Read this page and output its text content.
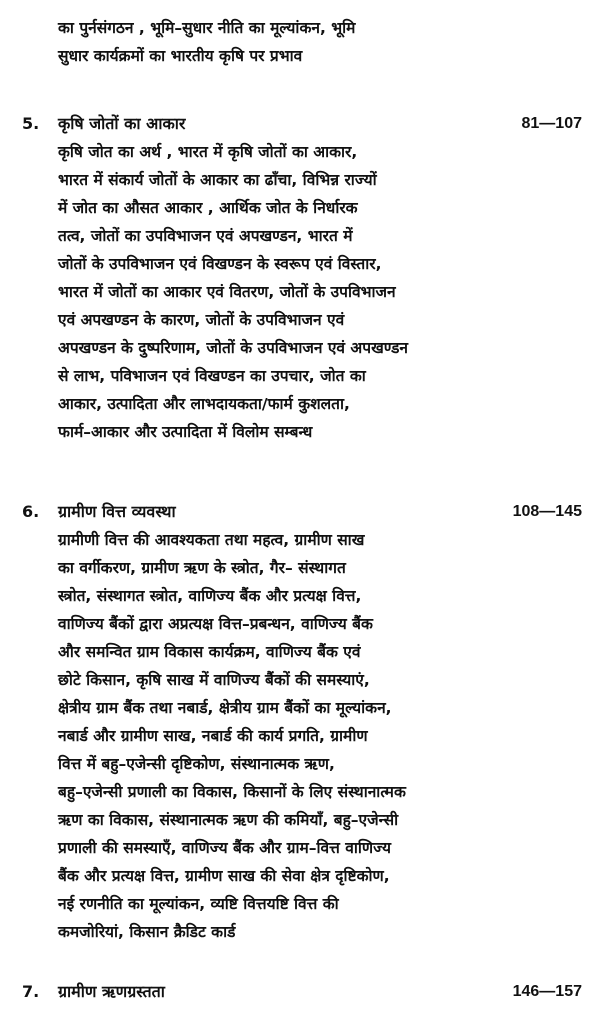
का पुर्नसंगठन , भूमि–सुधार नीति का मूल्यांकन, भूमि
सुधार कार्यक्रमों का भारतीय कृषि पर प्रभाव

5. कृषि जोतों का आकार	81—107

कृषि जोत का अर्थ , भारत में कृषि जोतों का आकार,
भारत में संकार्य जोतों के आकार का ढाँचा, विभिन्न राज्यों
में जोत का औसत आकार , आर्थिक जोत के निर्धारक
तत्व, जोतों का उपविभाजन एवं अपखण्डन, भारत में
जोतों के उपविभाजन एवं विखण्डन के स्वरूप एवं विस्तार,
भारत में जोतों का आकार एवं वितरण, जोतों के उपविभाजन
एवं अपखण्डन के कारण, जोतों के उपविभाजन एवं
अपखण्डन के दुष्परिणाम, जोतों के उपविभाजन एवं अपखण्डन
से लाभ, पविभाजन एवं विखण्डन का उपचार, जोत का
आकार, उत्पादिता और लाभदायकता/फार्म कुशलता,
फार्म–आकार और उत्पादिता में विलोम सम्बन्ध

6. ग्रामीण वित्त व्यवस्था	108—145

ग्रामीणी वित्त की आवश्यकता तथा महत्व, ग्रामीण साख
का वर्गीकरण, ग्रामीण ऋण के स्त्रोत, गैर– संस्थागत
स्त्रोत, संस्थागत स्त्रोत, वाणिज्य बैंक और प्रत्यक्ष वित्त,
वाणिज्य बैंकों द्वारा अप्रत्यक्ष वित्त–प्रबन्धन, वाणिज्य बैंक
और समन्वित ग्राम विकास कार्यक्रम, वाणिज्य बैंक एवं
छोटे किसान, कृषि साख में वाणिज्य बैंकों की समस्याएं,
क्षेत्रीय ग्राम बैंक तथा नबार्ड, क्षेत्रीय ग्राम बैंकों का मूल्यांकन,
नबार्ड और ग्रामीण साख, नबार्ड की कार्य प्रगति, ग्रामीण
वित्त में बहु–एजेन्सी दृष्टिकोण, संस्थानात्मक ऋण,
बहु–एजेन्सी प्रणाली का विकास, किसानों के लिए संस्थानात्मक
ऋण का विकास, संस्थानात्मक ऋण की कमियाँ, बहु–एजेन्सी
प्रणाली की समस्याएँ, वाणिज्य बैंक और ग्राम–वित्त वाणिज्य
बैंक और प्रत्यक्ष वित्त, ग्रामीण साख की सेवा क्षेत्र दृष्टिकोण,
नई रणनीति का मूल्यांकन, व्यष्टि वित्तयष्टि वित्त की
कमजोरियां, किसान क्रैडिट कार्ड

7. ग्रामीण ऋणग्रस्तता	146—157
